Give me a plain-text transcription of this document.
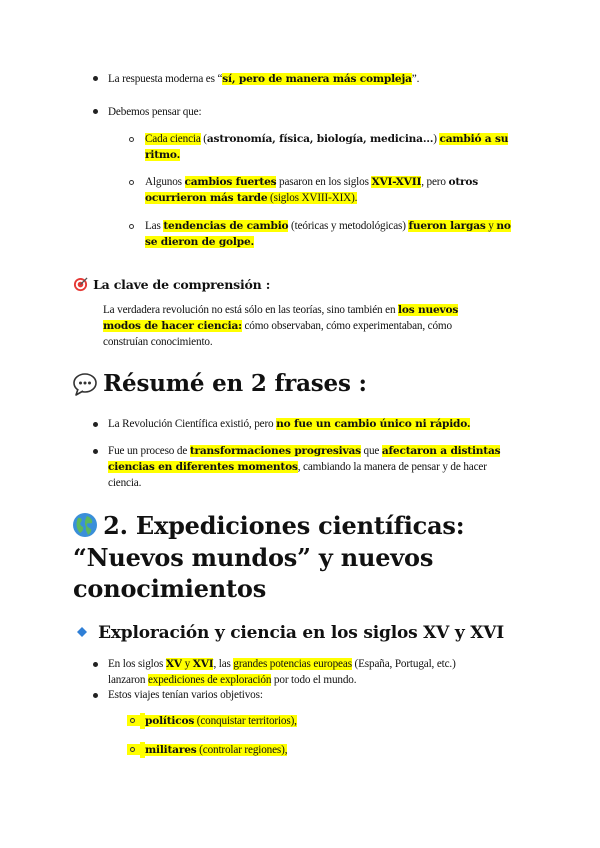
La respuesta moderna es “sí, pero de manera más compleja”.
Debemos pensar que:
Cada ciencia (astronomía, física, biología, medicina…) cambió a su
ritmo.
Algunos cambios fuertes pasaron en los siglos XVI-XVII, pero otros
ocurrieron más tarde (siglos XVIII-XIX).
Las tendencias de cambio (teóricas y metodológicas) fueron largas y no
se dieron de golpe.
La clave de comprensión :
La verdadera revolución no está sólo en las teorías, sino también en los nuevos
modos de hacer ciencia: cómo observaban, cómo experimentaban, cómo
construían conocimiento.
Résumé en 2 frases :
La Revolución Científica existió, pero no fue un cambio único ni rápido.
Fue un proceso de transformaciones progresivas que afectaron a distintas
ciencias en diferentes momentos, cambiando la manera de pensar y de hacer
ciencia.
2. Expediciones científicas:
“Nuevos mundos” y nuevos
conocimientos
Exploración y ciencia en los siglos XV y XVI
En los siglos XV y XVI, las grandes potencias europeas (España, Portugal, etc.)
lanzaron expediciones de exploración por todo el mundo.
Estos viajes tenían varios objetivos:
políticos (conquistar territorios),
militares (controlar regiones),
